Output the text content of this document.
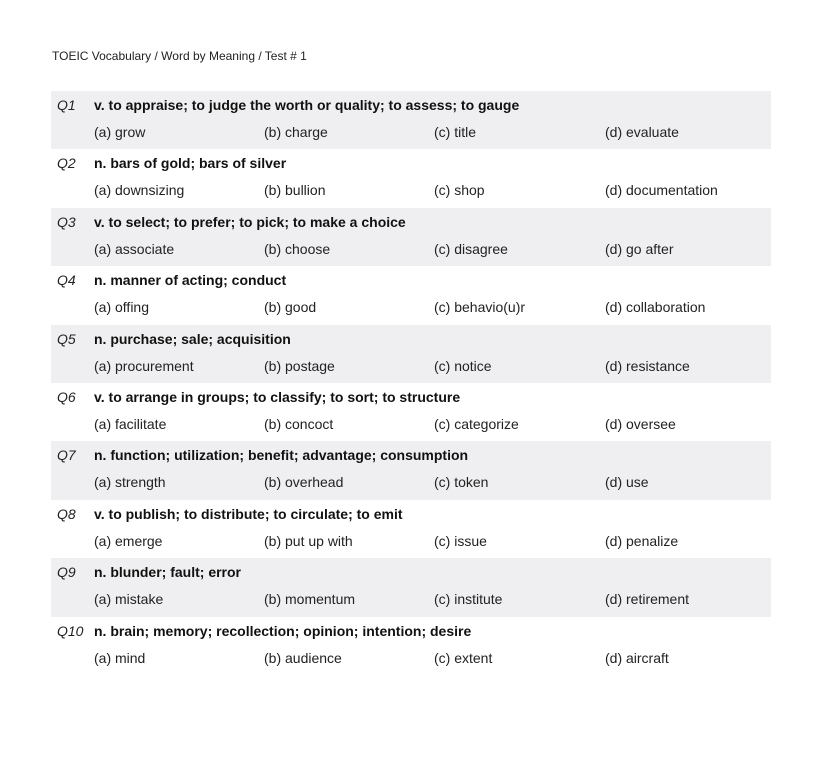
TOEIC Vocabulary / Word by Meaning / Test # 1
Q1 v. to appraise; to judge the worth or quality; to assess; to gauge
(a) grow	(b) charge	(c) title	(d) evaluate
Q2 n. bars of gold; bars of silver
(a) downsizing	(b) bullion	(c) shop	(d) documentation
Q3 v. to select; to prefer; to pick; to make a choice
(a) associate	(b) choose	(c) disagree	(d) go after
Q4 n. manner of acting; conduct
(a) offing	(b) good	(c) behavio(u)r	(d) collaboration
Q5 n. purchase; sale; acquisition
(a) procurement	(b) postage	(c) notice	(d) resistance
Q6 v. to arrange in groups; to classify; to sort; to structure
(a) facilitate	(b) concoct	(c) categorize	(d) oversee
Q7 n. function; utilization; benefit; advantage; consumption
(a) strength	(b) overhead	(c) token	(d) use
Q8 v. to publish; to distribute; to circulate; to emit
(a) emerge	(b) put up with	(c) issue	(d) penalize
Q9 n. blunder; fault; error
(a) mistake	(b) momentum	(c) institute	(d) retirement
Q10 n. brain; memory; recollection; opinion; intention; desire
(a) mind	(b) audience	(c) extent	(d) aircraft
